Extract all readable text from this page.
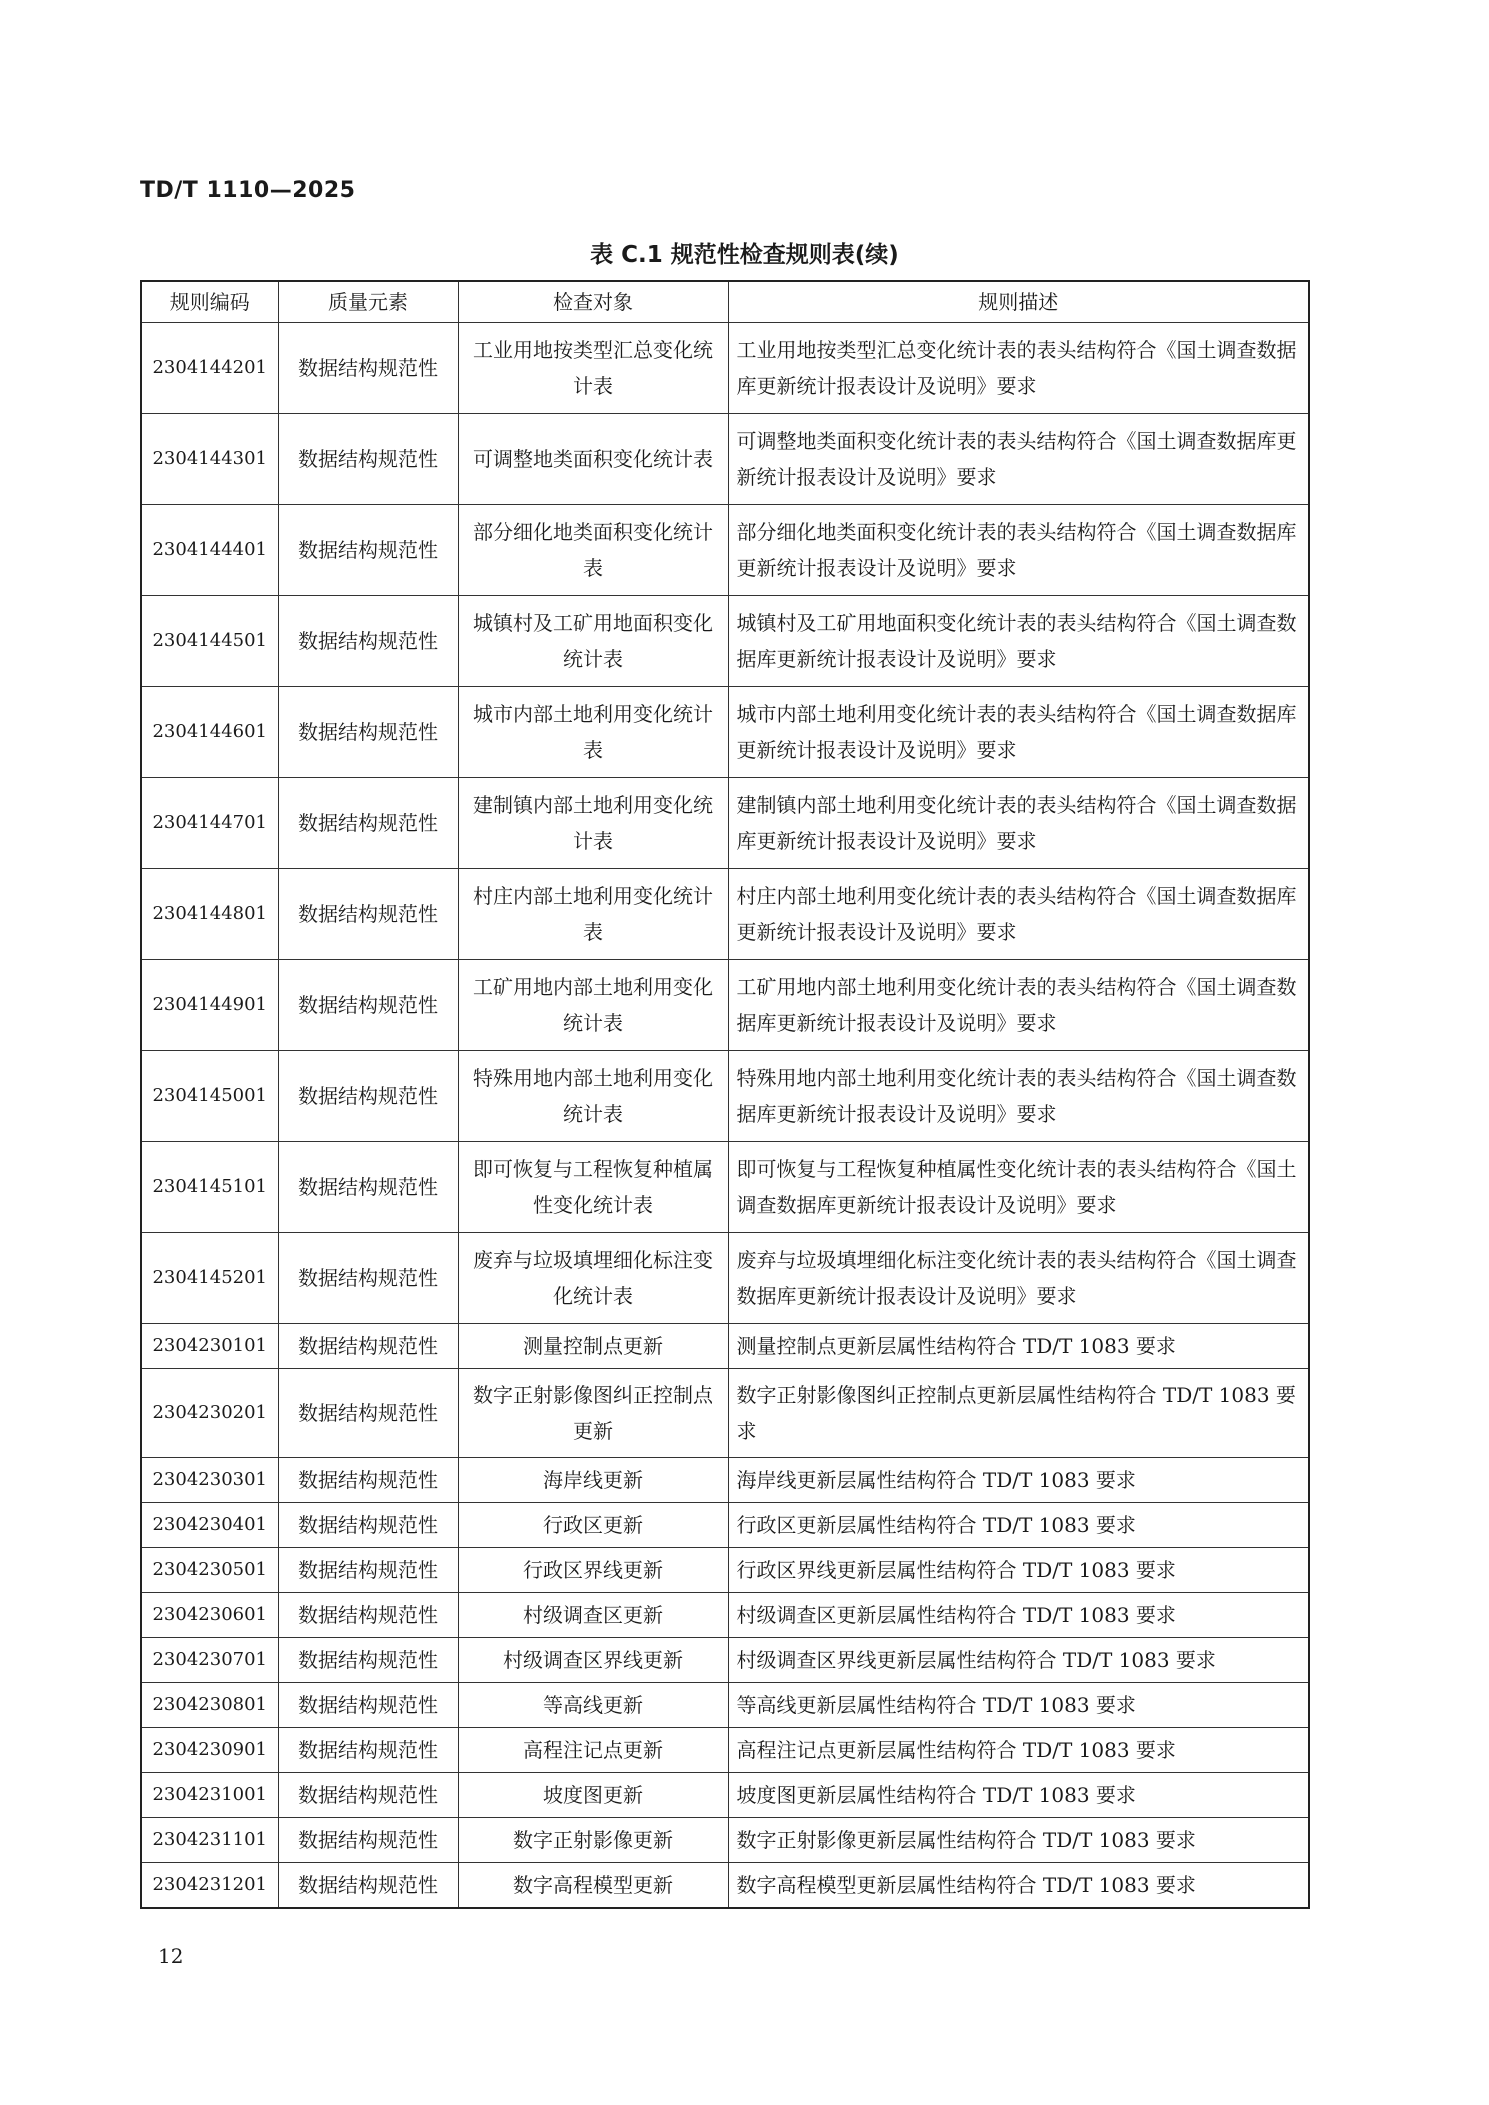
TD/T 1110—2025
表 C.1 规范性检查规则表(续)
规则编码	质量元素	检查对象	规则描述
2304144201	数据结构规范性	工业用地按类型汇总变化统计表	工业用地按类型汇总变化统计表的表头结构符合《国土调查数据库更新统计报表设计及说明》要求
2304144301	数据结构规范性	可调整地类面积变化统计表	可调整地类面积变化统计表的表头结构符合《国土调查数据库更新统计报表设计及说明》要求
2304144401	数据结构规范性	部分细化地类面积变化统计表	部分细化地类面积变化统计表的表头结构符合《国土调查数据库更新统计报表设计及说明》要求
2304144501	数据结构规范性	城镇村及工矿用地面积变化统计表	城镇村及工矿用地面积变化统计表的表头结构符合《国土调查数据库更新统计报表设计及说明》要求
2304144601	数据结构规范性	城市内部土地利用变化统计表	城市内部土地利用变化统计表的表头结构符合《国土调查数据库更新统计报表设计及说明》要求
2304144701	数据结构规范性	建制镇内部土地利用变化统计表	建制镇内部土地利用变化统计表的表头结构符合《国土调查数据库更新统计报表设计及说明》要求
2304144801	数据结构规范性	村庄内部土地利用变化统计表	村庄内部土地利用变化统计表的表头结构符合《国土调查数据库更新统计报表设计及说明》要求
2304144901	数据结构规范性	工矿用地内部土地利用变化统计表	工矿用地内部土地利用变化统计表的表头结构符合《国土调查数据库更新统计报表设计及说明》要求
2304145001	数据结构规范性	特殊用地内部土地利用变化统计表	特殊用地内部土地利用变化统计表的表头结构符合《国土调查数据库更新统计报表设计及说明》要求
2304145101	数据结构规范性	即可恢复与工程恢复种植属性变化统计表	即可恢复与工程恢复种植属性变化统计表的表头结构符合《国土调查数据库更新统计报表设计及说明》要求
2304145201	数据结构规范性	废弃与垃圾填埋细化标注变化统计表	废弃与垃圾填埋细化标注变化统计表的表头结构符合《国土调查数据库更新统计报表设计及说明》要求
2304230101	数据结构规范性	测量控制点更新	测量控制点更新层属性结构符合 TD/T 1083 要求
2304230201	数据结构规范性	数字正射影像图纠正控制点更新	数字正射影像图纠正控制点更新层属性结构符合 TD/T 1083 要求
2304230301	数据结构规范性	海岸线更新	海岸线更新层属性结构符合 TD/T 1083 要求
2304230401	数据结构规范性	行政区更新	行政区更新层属性结构符合 TD/T 1083 要求
2304230501	数据结构规范性	行政区界线更新	行政区界线更新层属性结构符合 TD/T 1083 要求
2304230601	数据结构规范性	村级调查区更新	村级调查区更新层属性结构符合 TD/T 1083 要求
2304230701	数据结构规范性	村级调查区界线更新	村级调查区界线更新层属性结构符合 TD/T 1083 要求
2304230801	数据结构规范性	等高线更新	等高线更新层属性结构符合 TD/T 1083 要求
2304230901	数据结构规范性	高程注记点更新	高程注记点更新层属性结构符合 TD/T 1083 要求
2304231001	数据结构规范性	坡度图更新	坡度图更新层属性结构符合 TD/T 1083 要求
2304231101	数据结构规范性	数字正射影像更新	数字正射影像更新层属性结构符合 TD/T 1083 要求
2304231201	数据结构规范性	数字高程模型更新	数字高程模型更新层属性结构符合 TD/T 1083 要求
12
